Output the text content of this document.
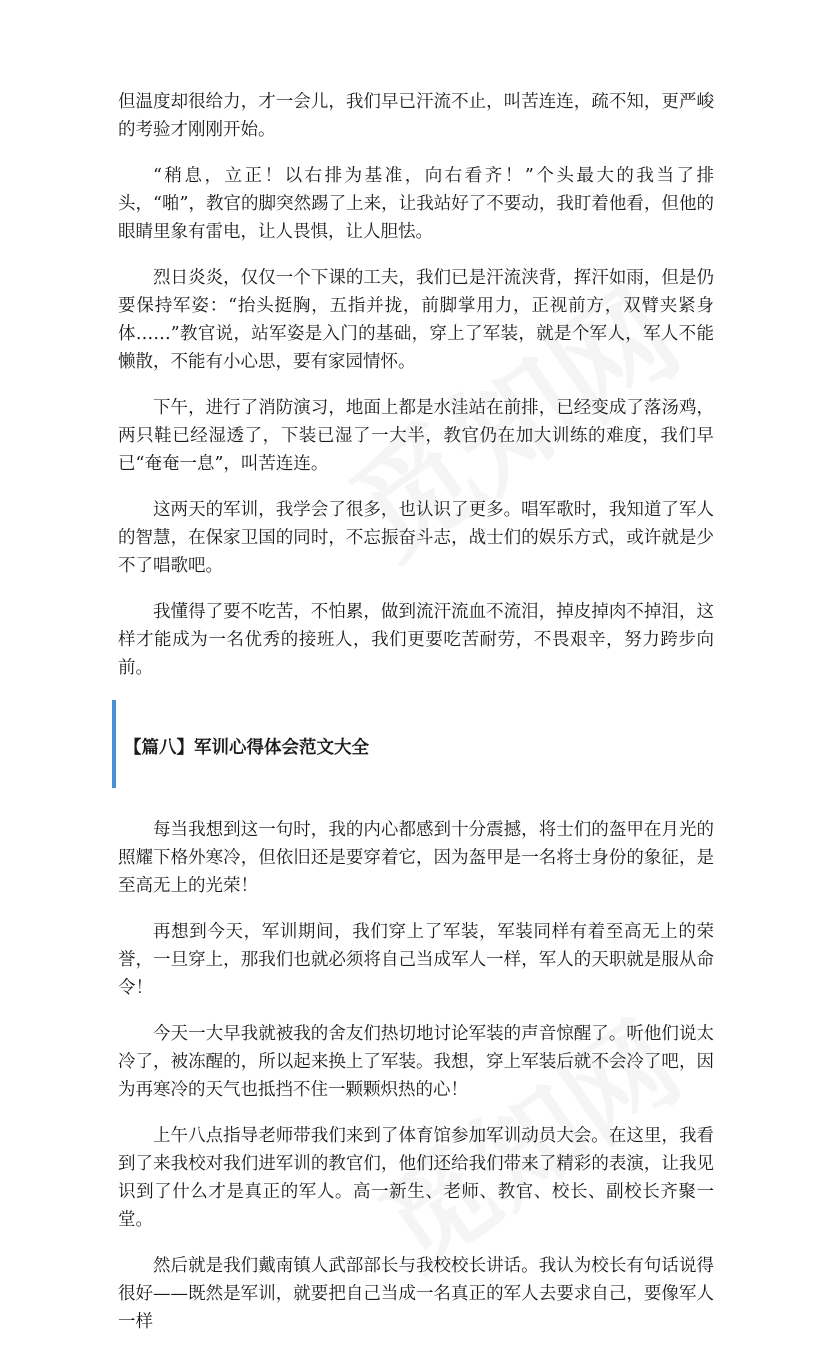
但温度却很给力，才一会儿，我们早已汗流不止，叫苦连连，疏不知，更严峻的考验才刚刚开始。

“稍息，立正！以右排为基准，向右看齐！”个头最大的我当了排头，“啪”，教官的脚突然踢了上来，让我站好了不要动，我盯着他看，但他的眼睛里象有雷电，让人畏惧，让人胆怯。

烈日炎炎，仅仅一个下课的工夫，我们已是汗流浃背，挥汗如雨，但是仍要保持军姿：“抬头挺胸，五指并拢，前脚掌用力，正视前方，双臂夹紧身体……”教官说，站军姿是入门的基础，穿上了军装，就是个军人，军人不能懒散，不能有小心思，要有家园情怀。

下午，进行了消防演习，地面上都是水洼站在前排，已经变成了落汤鸡，两只鞋已经湿透了，下装已湿了一大半，教官仍在加大训练的难度，我们早已“奄奄一息”，叫苦连连。

这两天的军训，我学会了很多，也认识了更多。唱军歌时，我知道了军人的智慧，在保家卫国的同时，不忘振奋斗志，战士们的娱乐方式，或许就是少不了唱歌吧。

我懂得了要不吃苦，不怕累，做到流汗流血不流泪，掉皮掉肉不掉泪，这样才能成为一名优秀的接班人，我们更要吃苦耐劳，不畏艰辛，努力跨步向前。

【篇八】军训心得体会范文大全

每当我想到这一句时，我的内心都感到十分震撼，将士们的盔甲在月光的照耀下格外寒冷，但依旧还是要穿着它，因为盔甲是一名将士身份的象征，是至高无上的光荣！

再想到今天，军训期间，我们穿上了军装，军装同样有着至高无上的荣誉，一旦穿上，那我们也就必须将自己当成军人一样，军人的天职就是服从命令！

今天一大早我就被我的舍友们热切地讨论军装的声音惊醒了。听他们说太冷了，被冻醒的，所以起来换上了军装。我想，穿上军装后就不会冷了吧，因为再寒冷的天气也抵挡不住一颗颗炽热的心！

上午八点指导老师带我们来到了体育馆参加军训动员大会。在这里，我看到了来我校对我们进军训的教官们，他们还给我们带来了精彩的表演，让我见识到了什么才是真正的军人。高一新生、老师、教官、校长、副校长齐聚一堂。

然后就是我们戴南镇人武部部长与我校校长讲话。我认为校长有句话说得很好——既然是军训，就要把自己当成一名真正的军人去要求自己，要像军人一样
